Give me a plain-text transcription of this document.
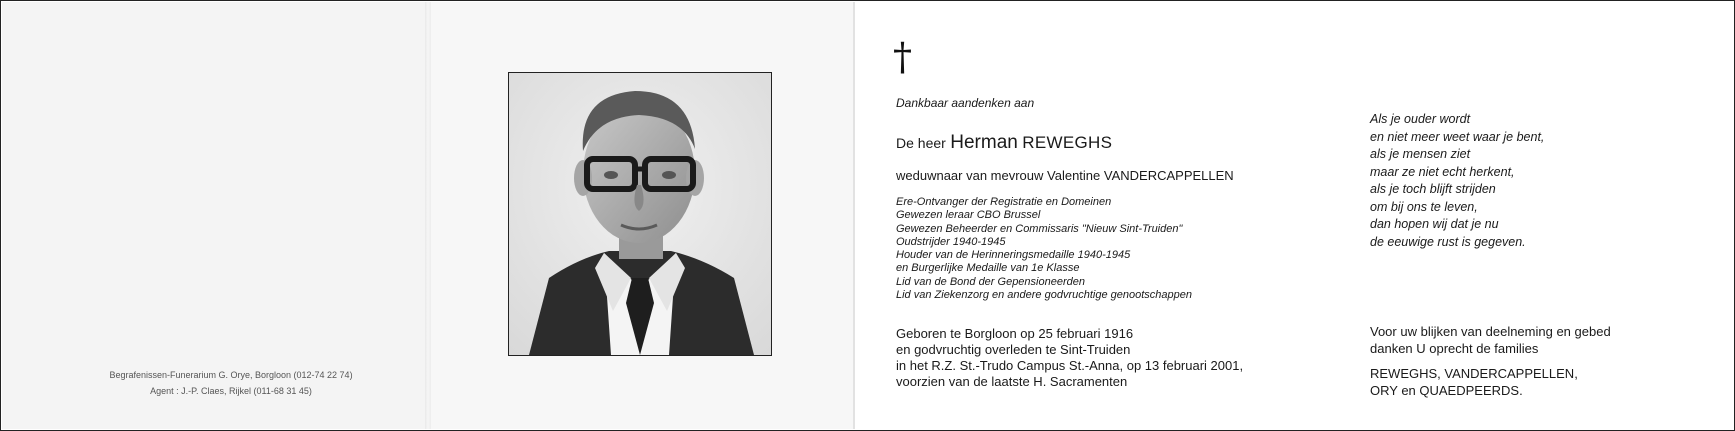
Begrafenissen-Funerarium G. Orye, Borgloon (012-74 22 74)
Agent : J.-P. Claes, Rijkel (011-68 31 45)
†
Dankbaar aandenken aan
De heer Herman REWEGHS
weduwnaar van mevrouw Valentine VANDERCAPPELLEN
Ere-Ontvanger der Registratie en Domeinen
Gewezen leraar CBO Brussel
Gewezen Beheerder en Commissaris "Nieuw Sint-Truiden"
Oudstrijder 1940-1945
Houder van de Herinneringsmedaille 1940-1945
en Burgerlijke Medaille van 1e Klasse
Lid van de Bond der Gepensioneerden
Lid van Ziekenzorg en andere godvruchtige genootschappen
Geboren te Borgloon op 25 februari 1916
en godvruchtig overleden te Sint-Truiden
in het R.Z. St.-Trudo Campus St.-Anna, op 13 februari 2001,
voorzien van de laatste H. Sacramenten
Als je ouder wordt
en niet meer weet waar je bent,
als je mensen ziet
maar ze niet echt herkent,
als je toch blijft strijden
om bij ons te leven,
dan hopen wij dat je nu
de eeuwige rust is gegeven.
Voor uw blijken van deelneming en gebed
danken U oprecht de families
REWEGHS, VANDERCAPPELLEN,
ORY en QUAEDPEERDS.
